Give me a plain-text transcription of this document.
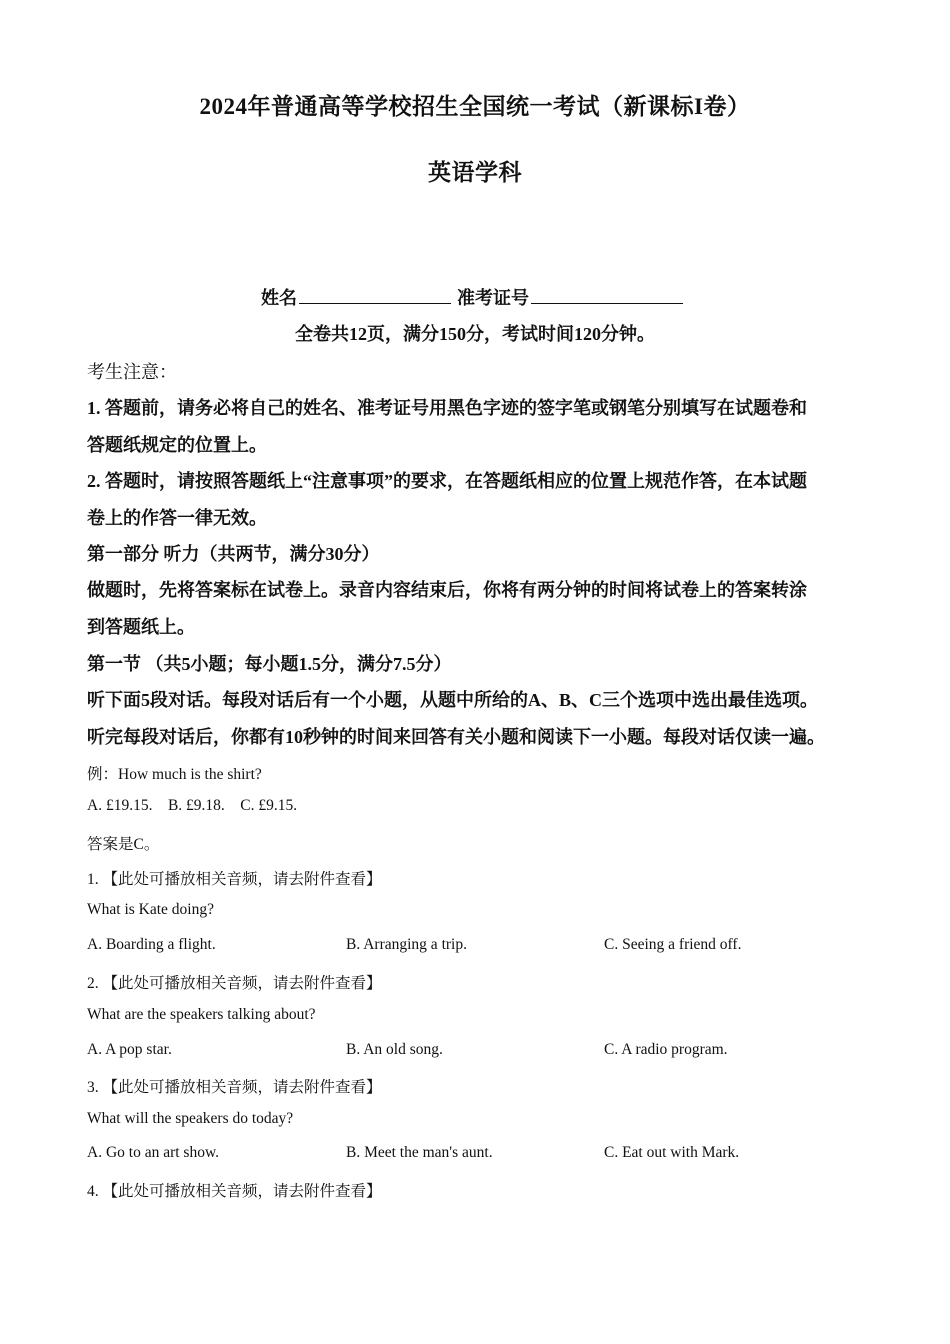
2024年普通高等学校招生全国统一考试（新课标I卷）
英语学科
姓名	准考证号
全卷共12页，满分150分，考试时间120分钟。
考生注意：
1. 答题前，请务必将自己的姓名、准考证号用黑色字迹的签字笔或钢笔分别填写在试题卷和
答题纸规定的位置上。
2. 答题时，请按照答题纸上“注意事项”的要求，在答题纸相应的位置上规范作答，在本试题
卷上的作答一律无效。
第一部分 听力（共两节，满分30分）
做题时，先将答案标在试卷上。录音内容结束后，你将有两分钟的时间将试卷上的答案转涂
到答题纸上。
第一节 （共5小题；每小题1.5分，满分7.5分）
听下面5段对话。每段对话后有一个小题，从题中所给的A、B、C三个选项中选出最佳选项。
听完每段对话后，你都有10秒钟的时间来回答有关小题和阅读下一小题。每段对话仅读一遍。
例：How much is the shirt?
A. £19.15.    B. £9.18.    C. £9.15.
答案是C。
1. 【此处可播放相关音频，请去附件查看】
What is Kate doing?
A. Boarding a flight.	B. Arranging a trip.	C. Seeing a friend off.
2. 【此处可播放相关音频，请去附件查看】
What are the speakers talking about?
A. A pop star.	B. An old song.	C. A radio program.
3. 【此处可播放相关音频，请去附件查看】
What will the speakers do today?
A. Go to an art show.	B. Meet the man's aunt.	C. Eat out with Mark.
4. 【此处可播放相关音频，请去附件查看】
